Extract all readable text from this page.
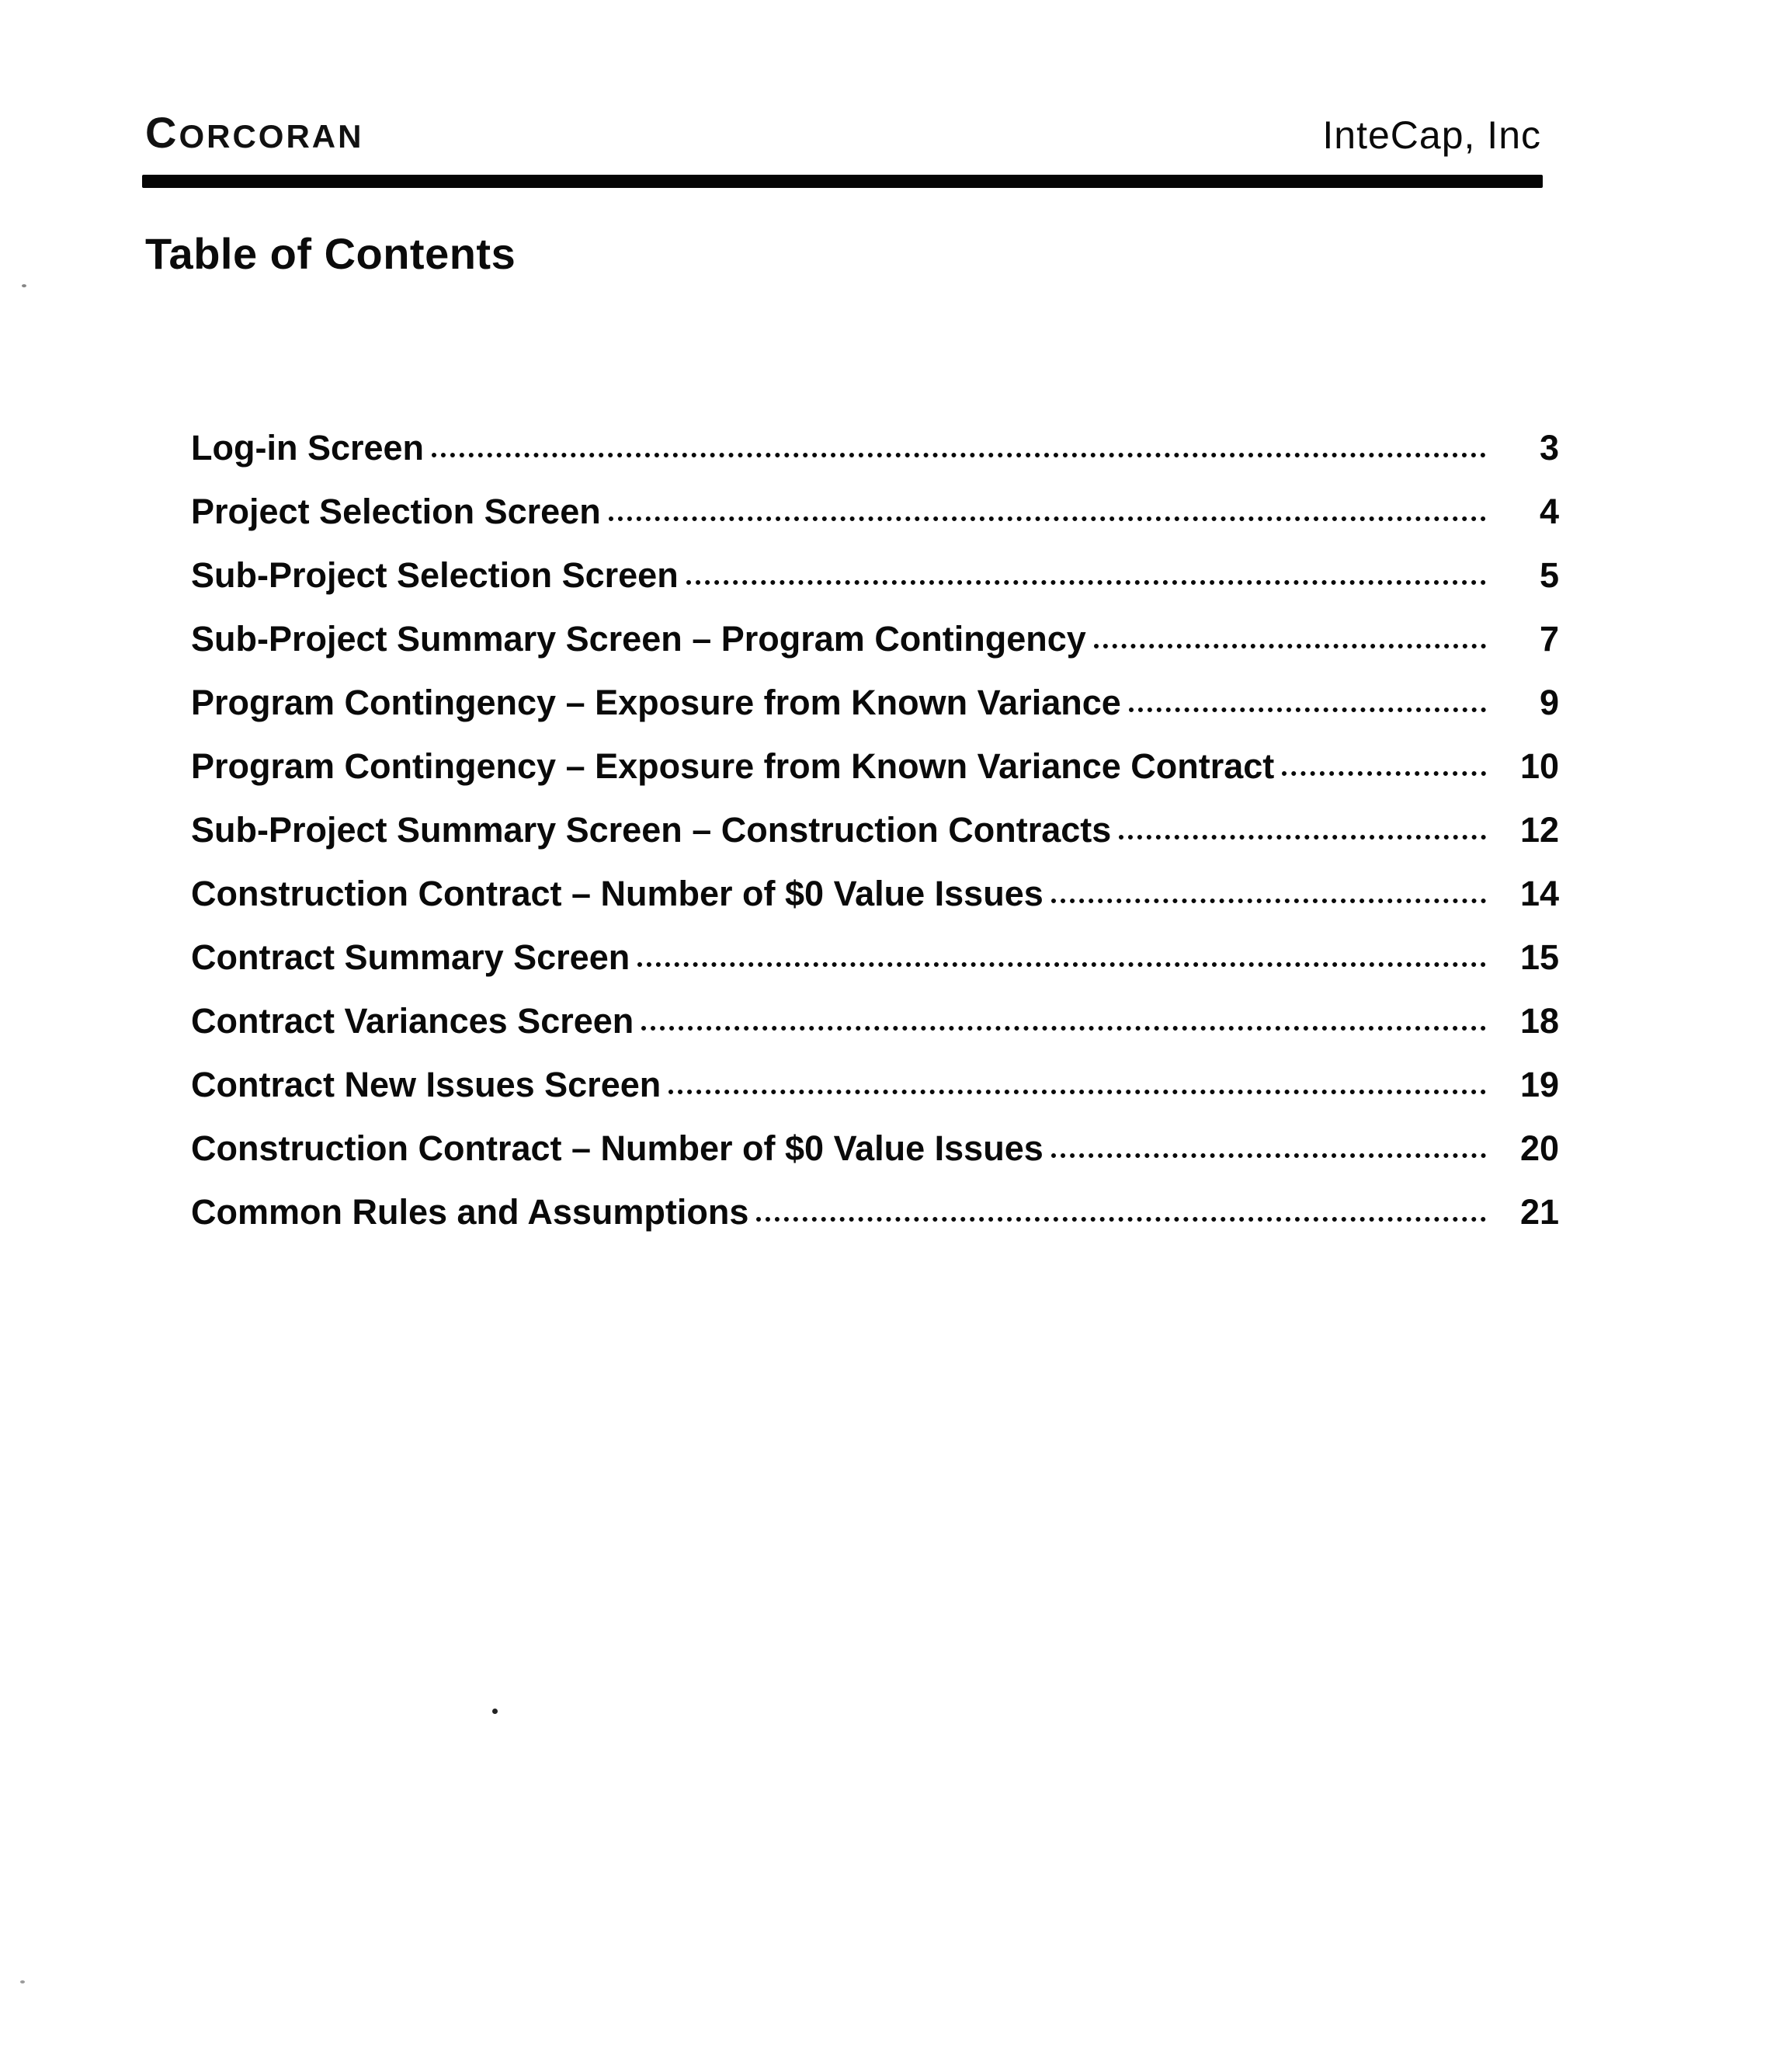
CORCORAN	InteCap, Inc
Table of Contents
Log-in Screen	3
Project Selection Screen	4
Sub-Project Selection Screen	5
Sub-Project Summary Screen – Program Contingency	7
Program Contingency – Exposure from Known Variance	9
Program Contingency – Exposure from Known Variance Contract	10
Sub-Project Summary Screen – Construction Contracts	12
Construction Contract – Number of $0 Value Issues	14
Contract Summary Screen	15
Contract Variances Screen	18
Contract New Issues Screen	19
Construction Contract – Number of $0 Value Issues	20
Common Rules and Assumptions	21
